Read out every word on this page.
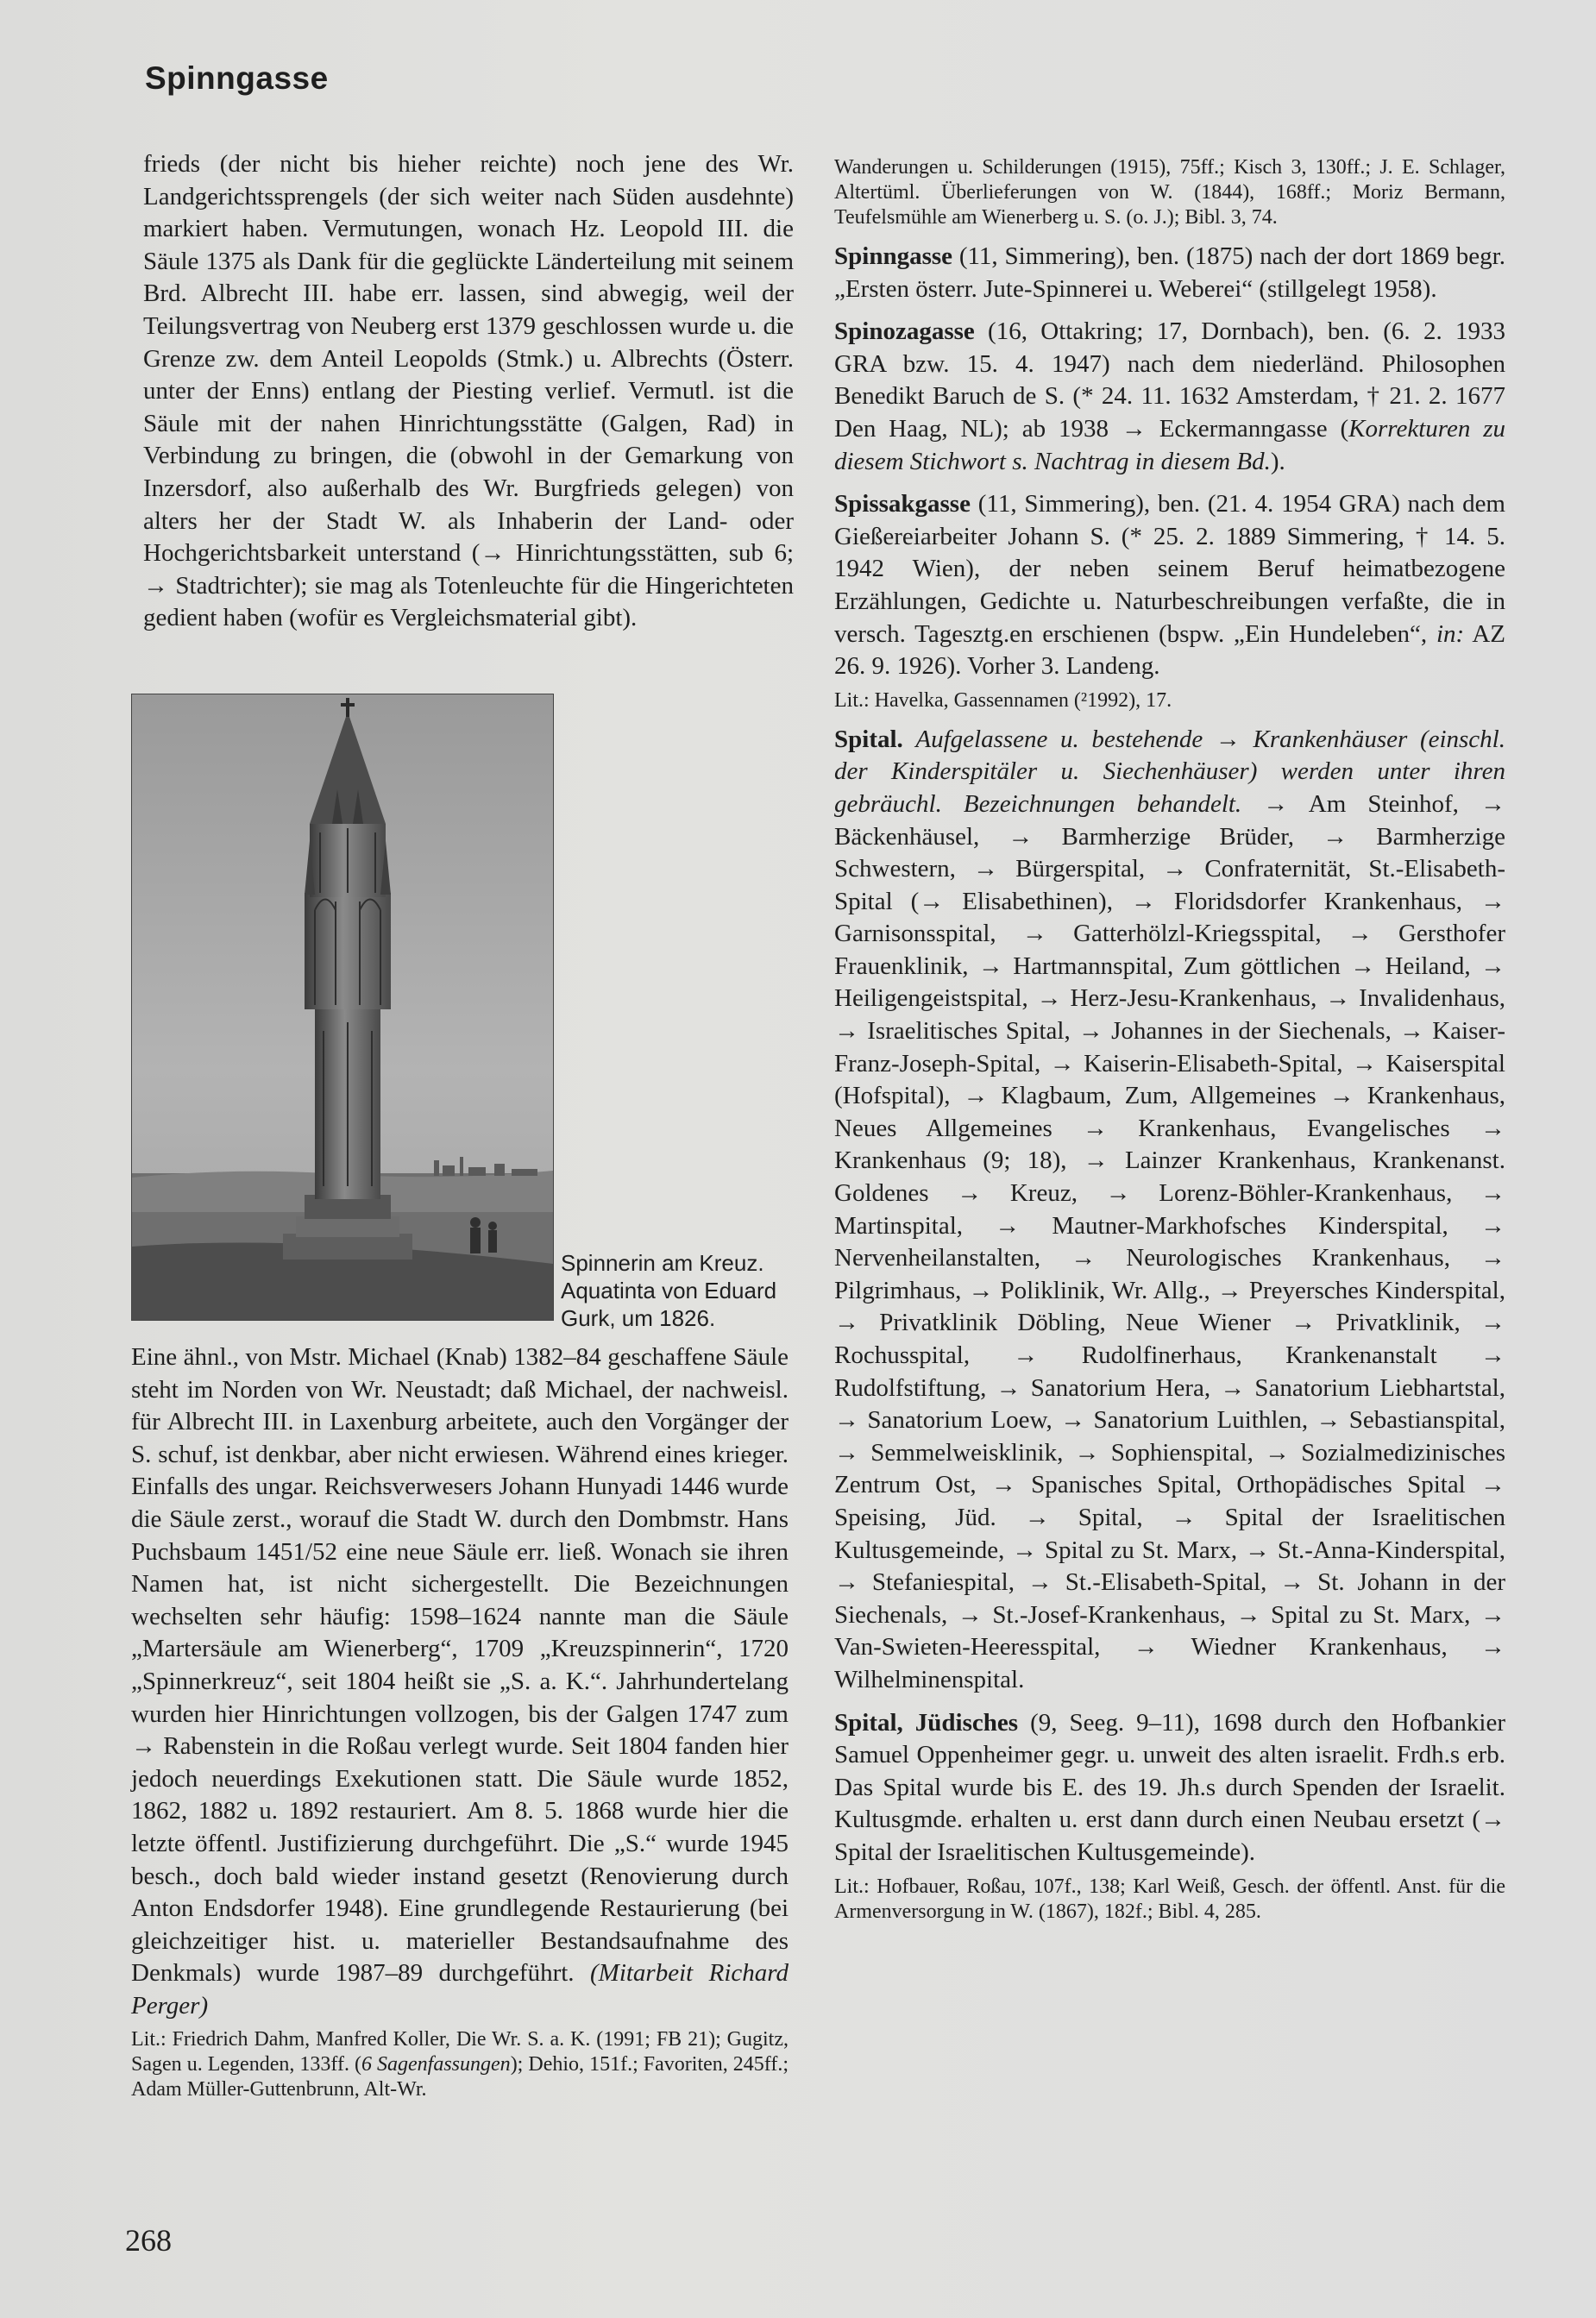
Spinngasse

frieds (der nicht bis hieher reichte) noch jene des Wr. Landgerichtssprengels (der sich weiter nach Süden ausdehnte) markiert haben. Vermutungen, wonach Hz. Leopold III. die Säule 1375 als Dank für die geglückte Länderteilung mit seinem Brd. Albrecht III. habe err. lassen, sind abwegig, weil der Teilungsvertrag von Neuberg erst 1379 geschlossen wurde u. die Grenze zw. dem Anteil Leopolds (Stmk.) u. Albrechts (Österr. unter der Enns) entlang der Piesting verlief. Vermutl. ist die Säule mit der nahen Hinrichtungsstätte (Galgen, Rad) in Verbindung zu bringen, die (obwohl in der Gemarkung von Inzersdorf, also außerhalb des Wr. Burgfrieds gelegen) von alters her der Stadt W. als Inhaberin der Land- oder Hochgerichtsbarkeit unterstand (→ Hinrichtungsstätten, sub 6; → Stadtrichter); sie mag als Totenleuchte für die Hingerichteten gedient haben (wofür es Vergleichsmaterial gibt).

Spinnerin am Kreuz.
Aquatinta von Eduard
Gurk, um 1826.

Eine ähnl., von Mstr. Michael (Knab) 1382–84 geschaffene Säule steht im Norden von Wr. Neustadt; daß Michael, der nachweisl. für Albrecht III. in Laxenburg arbeitete, auch den Vorgänger der S. schuf, ist denkbar, aber nicht erwiesen. Während eines krieger. Einfalls des ungar. Reichsverwesers Johann Hunyadi 1446 wurde die Säule zerst., worauf die Stadt W. durch den Dombmstr. Hans Puchsbaum 1451/52 eine neue Säule err. ließ. Wonach sie ihren Namen hat, ist nicht sichergestellt. Die Bezeichnungen wechselten sehr häufig: 1598–1624 nannte man die Säule „Martersäule am Wienerberg“, 1709 „Kreuzspinnerin“, 1720 „Spinnerkreuz“, seit 1804 heißt sie „S. a. K.“. Jahrhundertelang wurden hier Hinrichtungen vollzogen, bis der Galgen 1747 zum → Rabenstein in die Roßau verlegt wurde. Seit 1804 fanden hier jedoch neuerdings Exekutionen statt. Die Säule wurde 1852, 1862, 1882 u. 1892 restauriert. Am 8. 5. 1868 wurde hier die letzte öffentl. Justifizierung durchgeführt. Die „S.“ wurde 1945 besch., doch bald wieder instand gesetzt (Renovierung durch Anton Endsdorfer 1948). Eine grundlegende Restaurierung (bei gleichzeitiger hist. u. materieller Bestandsaufnahme des Denkmals) wurde 1987–89 durchgeführt. (Mitarbeit Richard Perger)

Lit.: Friedrich Dahm, Manfred Koller, Die Wr. S. a. K. (1991; FB 21); Gugitz, Sagen u. Legenden, 133ff. (6 Sagenfassungen); Dehio, 151f.; Favoriten, 245ff.; Adam Müller-Guttenbrunn, Alt-Wr.

Wanderungen u. Schilderungen (1915), 75ff.; Kisch 3, 130ff.; J. E. Schlager, Altertüml. Überlieferungen von W. (1844), 168ff.; Moriz Bermann, Teufelsmühle am Wienerberg u. S. (o. J.); Bibl. 3, 74.

Spinngasse (11, Simmering), ben. (1875) nach der dort 1869 begr. „Ersten österr. Jute-Spinnerei u. Weberei“ (stillgelegt 1958).

Spinozagasse (16, Ottakring; 17, Dornbach), ben. (6. 2. 1933 GRA bzw. 15. 4. 1947) nach dem niederländ. Philosophen Benedikt Baruch de S. (* 24. 11. 1632 Amsterdam, † 21. 2. 1677 Den Haag, NL); ab 1938 → Eckermanngasse (Korrekturen zu diesem Stichwort s. Nachtrag in diesem Bd.).

Spissakgasse (11, Simmering), ben. (21. 4. 1954 GRA) nach dem Gießereiarbeiter Johann S. (* 25. 2. 1889 Simmering, † 14. 5. 1942 Wien), der neben seinem Beruf heimatbezogene Erzählungen, Gedichte u. Naturbeschreibungen verfaßte, die in versch. Tagesztg.en erschienen (bspw. „Ein Hundeleben“, in: AZ 26. 9. 1926). Vorher 3. Landeng.

Lit.: Havelka, Gassennamen (²1992), 17.

Spital. Aufgelassene u. bestehende → Krankenhäuser (einschl. der Kinderspitäler u. Siechenhäuser) werden unter ihren gebräuchl. Bezeichnungen behandelt. → Am Steinhof, → Bäckenhäusel, → Barmherzige Brüder, → Barmherzige Schwestern, → Bürgerspital, → Confraternität, St.-Elisabeth-Spital (→ Elisabethinen), → Floridsdorfer Krankenhaus, → Garnisonsspital, → Gatterhölzl-Kriegsspital, → Gersthofer Frauenklinik, → Hartmannspital, Zum göttlichen → Heiland, → Heiligengeistspital, → Herz-Jesu-Krankenhaus, → Invalidenhaus, → Israelitisches Spital, → Johannes in der Siechenals, → Kaiser-Franz-Joseph-Spital, → Kaiserin-Elisabeth-Spital, → Kaiserspital (Hofspital), → Klagbaum, Zum, Allgemeines → Krankenhaus, Neues Allgemeines → Krankenhaus, Evangelisches → Krankenhaus (9; 18), → Lainzer Krankenhaus, Krankenanst. Goldenes → Kreuz, → Lorenz-Böhler-Krankenhaus, → Martinspital, → Mautner-Markhofsches Kinderspital, → Nervenheilanstalten, → Neurologisches Krankenhaus, → Pilgrimhaus, → Poliklinik, Wr. Allg., → Preyersches Kinderspital, → Privatklinik Döbling, Neue Wiener → Privatklinik, → Rochusspital, → Rudolfinerhaus, Krankenanstalt → Rudolfstiftung, → Sanatorium Hera, → Sanatorium Liebhartstal, → Sanatorium Loew, → Sanatorium Luithlen, → Sebastianspital, → Semmelweisklinik, → Sophienspital, → Sozialmedizinisches Zentrum Ost, → Spanisches Spital, Orthopädisches Spital → Speising, Jüd. → Spital, → Spital der Israelitischen Kultusgemeinde, → Spital zu St. Marx, → St.-Anna-Kinderspital, → Stefaniespital, → St.-Elisabeth-Spital, → St. Johann in der Siechenals, → St.-Josef-Krankenhaus, → Spital zu St. Marx, → Van-Swieten-Heeresspital, → Wiedner Krankenhaus, → Wilhelminenspital.

Spital, Jüdisches (9, Seeg. 9–11), 1698 durch den Hofbankier Samuel Oppenheimer gegr. u. unweit des alten israelit. Frdh.s erb. Das Spital wurde bis E. des 19. Jh.s durch Spenden der Israelit. Kultusgmde. erhalten u. erst dann durch einen Neubau ersetzt (→ Spital der Israelitischen Kultusgemeinde).

Lit.: Hofbauer, Roßau, 107f., 138; Karl Weiß, Gesch. der öffentl. Anst. für die Armenversorgung in W. (1867), 182f.; Bibl. 4, 285.

268
